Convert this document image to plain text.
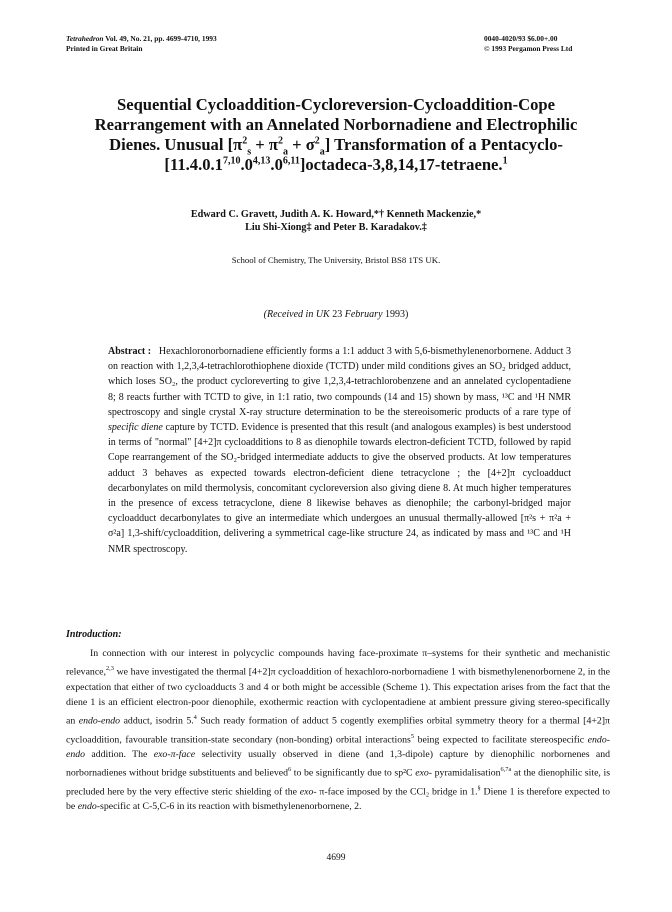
Tetrahedron Vol. 49, No. 21, pp. 4699-4710, 1993
Printed in Great Britain
0040-4020/93 $6.00+.00
© 1993 Pergamon Press Ltd
Sequential Cycloaddition-Cycloreversion-Cycloaddition-Cope
Rearrangement with an Annelated Norbornadiene and Electrophilic
Dienes. Unusual $[\pi^2_s + \pi^2_a + \sigma^2_a]$ Transformation of a Pentacyclo-
[11.4.0.1$^{7,10}$.0$^{4,13}$.0$^{6,11}$]octadeca-3,8,14,17-tetraene.$^1$
Edward C. Gravett, Judith A. K. Howard,*† Kenneth Mackenzie,*
Liu Shi-Xiong‡ and Peter B. Karadakov.‡
School of Chemistry, The University, Bristol BS8 1TS UK.
(Received in UK 23 February 1993)
Abstract : Hexachloronorbornadiene efficiently forms a 1:1 adduct 3 with 5,6-bismethylenenorbornene. Adduct 3 on reaction with 1,2,3,4-tetrachlorothiophene dioxide (TCTD) under mild conditions gives an SO₂ bridged adduct, which loses SO₂, the product cycloreverting to give 1,2,3,4-tetrachlorobenzene and an annelated cyclopentadiene 8; 8 reacts further with TCTD to give, in 1:1 ratio, two compounds (14 and 15) shown by mass, ¹³C and ¹H NMR spectroscopy and single crystal X-ray structure determination to be the stereoisomeric products of a rare type of specific diene capture by TCTD. Evidence is presented that this result (and analogous examples) is best understood in terms of "normal" [4+2]π cycloadditions to 8 as dienophile towards electron-deficient TCTD, followed by rapid Cope rearrangement of the SO₂-bridged intermediate adducts to give the observed products. At low temperatures adduct 3 behaves as expected towards electron-deficient diene tetracyclone ; the [4+2]π cycloadduct decarbonylates on mild thermolysis, concomitant cycloreversion also giving diene 8. At much higher temperatures in the presence of excess tetracyclone, diene 8 likewise behaves as dienophile; the carbonyl-bridged major cycloadduct decarbonylates to give an intermediate which undergoes an unusual thermally-allowed [π²s + π²a + σ²a] 1,3-shift/cycloaddition, delivering a symmetrical cage-like structure 24, as indicated by mass and ¹³C and ¹H NMR spectroscopy.
Introduction:
In connection with our interest in polycyclic compounds having face-proximate π–systems for their synthetic and mechanistic relevance,$^{2,3}$ we have investigated the thermal [4+2]π cycloaddition of hexachloro-norbornadiene 1 with bismethylenenorbornene 2, in the expectation that either of two cycloadducts 3 and 4 or both might be accessible (Scheme 1). This expectation arises from the fact that the diene 1 is an efficient electron-poor dienophile, exothermic reaction with cyclopentadiene at ambient pressure giving stereo-specifically an endo-endo adduct, isodrin 5.$^4$ Such ready formation of adduct 5 cogently exemplifies orbital symmetry theory for a thermal [4+2]π cycloaddition, favourable transition-state secondary (non-bonding) orbital interactions$^5$ being expected to facilitate stereospecific endo-endo addition. The exo-π-face selectivity usually observed in diene (and 1,3-dipole) capture by dienophilic norbornenes and norbornadienes without bridge substituents and believed$^6$ to be significantly due to sp²C exo- pyramidalisation$^{6,7a}$ at the dienophilic site, is precluded here by the very effective steric shielding of the exo- π-face imposed by the CCl₂ bridge in 1.§ Diene 1 is therefore expected to be endo-specific at C-5,C-6 in its reaction with bismethylenenorbornene, 2.
4699
